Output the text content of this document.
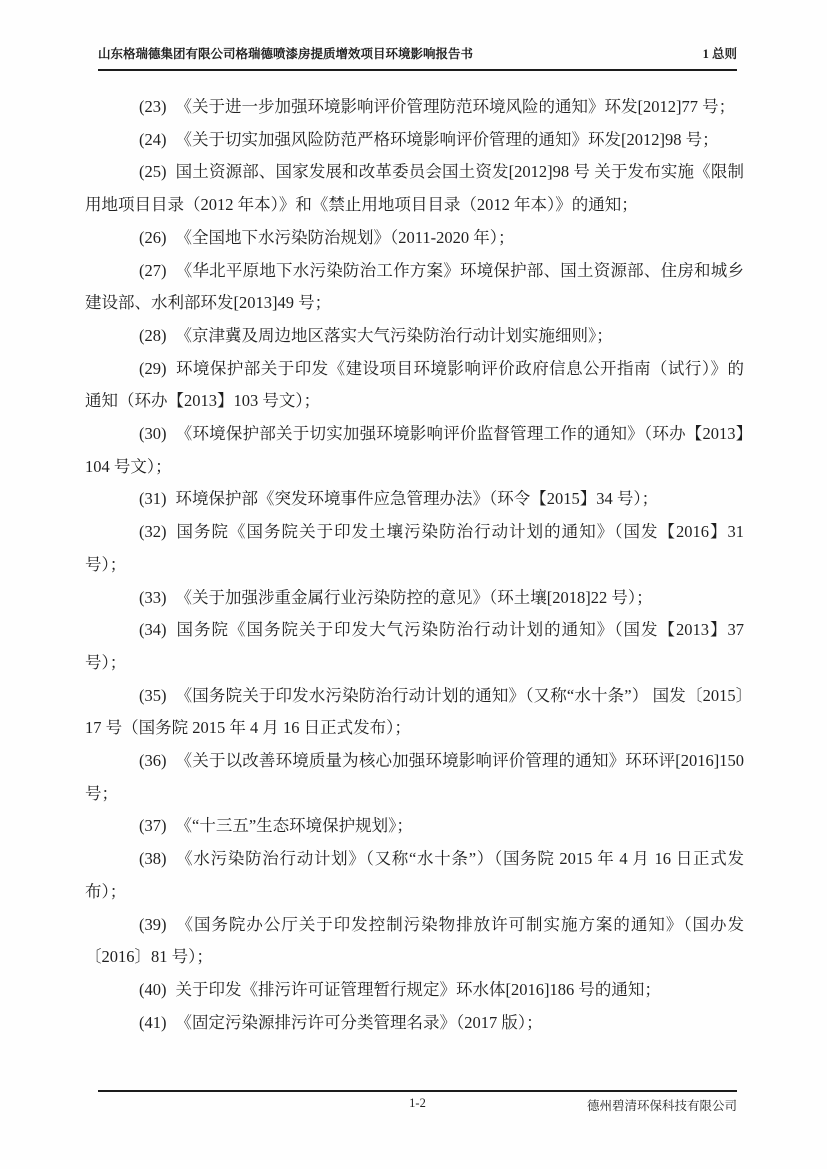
山东格瑞德集团有限公司格瑞德喷漆房提质增效项目环境影响报告书	1 总则

(23) 《关于进一步加强环境影响评价管理防范环境风险的通知》环发[2012]77 号；

(24) 《关于切实加强风险防范严格环境影响评价管理的通知》环发[2012]98 号；

(25) 国土资源部、国家发展和改革委员会国土资发[2012]98 号 关于发布实施《限制用地项目目录（2012 年本）》和《禁止用地项目目录（2012 年本）》的通知；

(26) 《全国地下水污染防治规划》（2011-2020 年）；

(27) 《华北平原地下水污染防治工作方案》环境保护部、国土资源部、住房和城乡建设部、水利部环发[2013]49 号；

(28) 《京津冀及周边地区落实大气污染防治行动计划实施细则》；

(29) 环境保护部关于印发《建设项目环境影响评价政府信息公开指南（试行）》的通知（环办【2013】103 号文）；

(30) 《环境保护部关于切实加强环境影响评价监督管理工作的通知》（环办【2013】104 号文）；

(31) 环境保护部《突发环境事件应急管理办法》（环令【2015】34 号）；

(32) 国务院《国务院关于印发土壤污染防治行动计划的通知》（国发【2016】31 号）；

(33) 《关于加强涉重金属行业污染防控的意见》（环土壤[2018]22 号）；

(34) 国务院《国务院关于印发大气污染防治行动计划的通知》（国发【2013】37 号）；

(35) 《国务院关于印发水污染防治行动计划的通知》（又称“水十条”） 国发〔2015〕17 号（国务院 2015 年 4 月 16 日正式发布）；

(36) 《关于以改善环境质量为核心加强环境影响评价管理的通知》环环评[2016]150 号；

(37) 《“十三五”生态环境保护规划》；

(38) 《水污染防治行动计划》（又称“水十条”）（国务院 2015 年 4 月 16 日正式发布）；

(39) 《国务院办公厅关于印发控制污染物排放许可制实施方案的通知》（国办发〔2016〕81 号）；

(40) 关于印发《排污许可证管理暂行规定》环水体[2016]186 号的通知；

(41) 《固定污染源排污许可分类管理名录》（2017 版）；

1-2	德州碧清环保科技有限公司
